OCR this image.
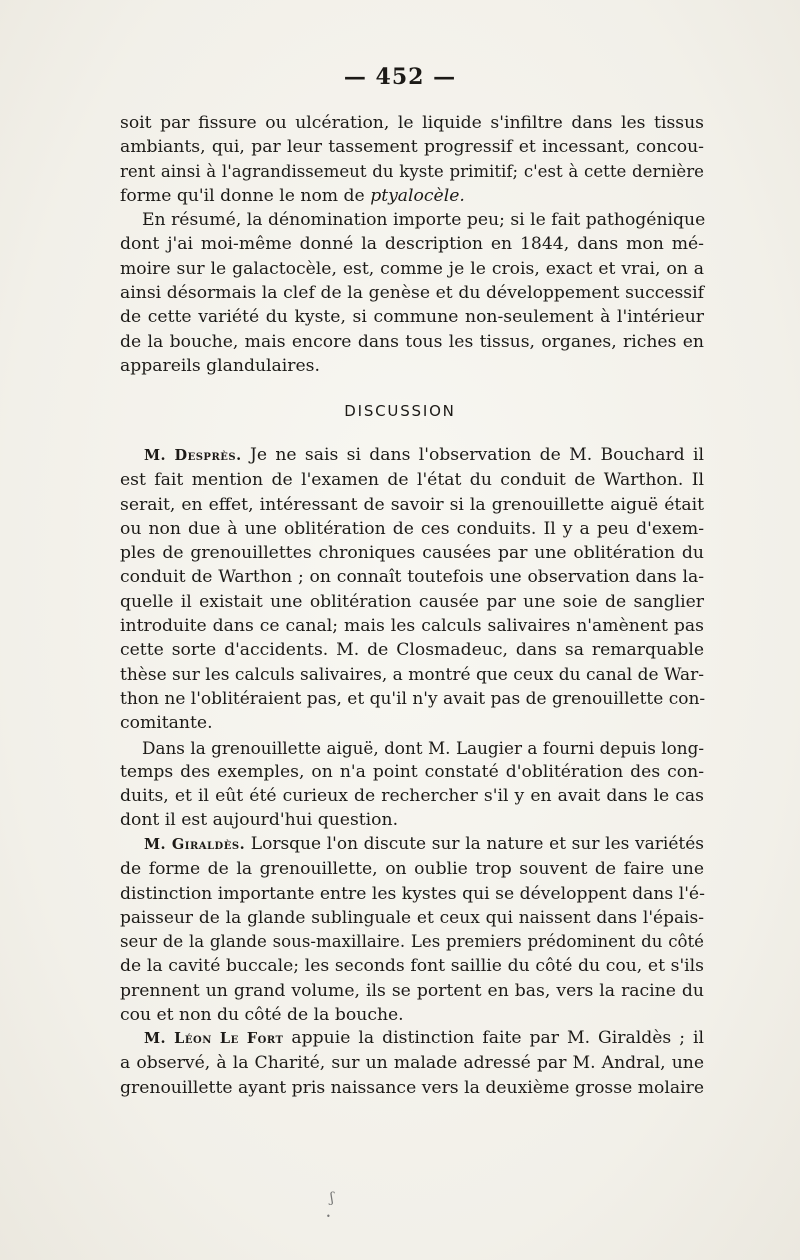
— 452 —
soit par fissure ou ulcération, le liquide s'infiltre dans les tissus
ambiants, qui, par leur tassement progressif et incessant, concou-
rent ainsi à l'agrandissemeut du kyste primitif; c'est à cette dernière
forme qu'il donne le nom de ptyalocèle.
En résumé, la dénomination importe peu; si le fait pathogénique
dont j'ai moi-même donné la description en 1844, dans mon mé-
moire sur le galactocèle, est, comme je le crois, exact et vrai, on a
ainsi désormais la clef de la genèse et du développement successif
de cette variété du kyste, si commune non-seulement à l'intérieur
de la bouche, mais encore dans tous les tissus, organes, riches en
appareils glandulaires.
DISCUSSION
M. Desprès. Je ne sais si dans l'observation de M. Bouchard il
est fait mention de l'examen de l'état du conduit de Warthon. Il
serait, en effet, intéressant de savoir si la grenouillette aiguë était
ou non due à une oblitération de ces conduits. Il y a peu d'exem-
ples de grenouillettes chroniques causées par une oblitération du
conduit de Warthon ; on connaît toutefois une observation dans la-
quelle il existait une oblitération causée par une soie de sanglier
introduite dans ce canal; mais les calculs salivaires n'amènent pas
cette sorte d'accidents. M. de Closmadeuc, dans sa remarquable
thèse sur les calculs salivaires, a montré que ceux du canal de War-
thon ne l'oblitéraient pas, et qu'il n'y avait pas de grenouillette con-
comitante.
Dans la grenouillette aiguë, dont M. Laugier a fourni depuis long-
temps des exemples, on n'a point constaté d'oblitération des con-
duits, et il eût été curieux de rechercher s'il y en avait dans le cas
dont il est aujourd'hui question.
M. Giraldès. Lorsque l'on discute sur la nature et sur les variétés
de forme de la grenouillette, on oublie trop souvent de faire une
distinction importante entre les kystes qui se développent dans l'é-
paisseur de la glande sublinguale et ceux qui naissent dans l'épais-
seur de la glande sous-maxillaire. Les premiers prédominent du côté
de la cavité buccale; les seconds font saillie du côté du cou, et s'ils
prennent un grand volume, ils se portent en bas, vers la racine du
cou et non du côté de la bouche.
M. Léon Le Fort appuie la distinction faite par M. Giraldès ; il
a observé, à la Charité, sur un malade adressé par M. Andral, une
grenouillette ayant pris naissance vers la deuxième grosse molaire
ʃ
•
